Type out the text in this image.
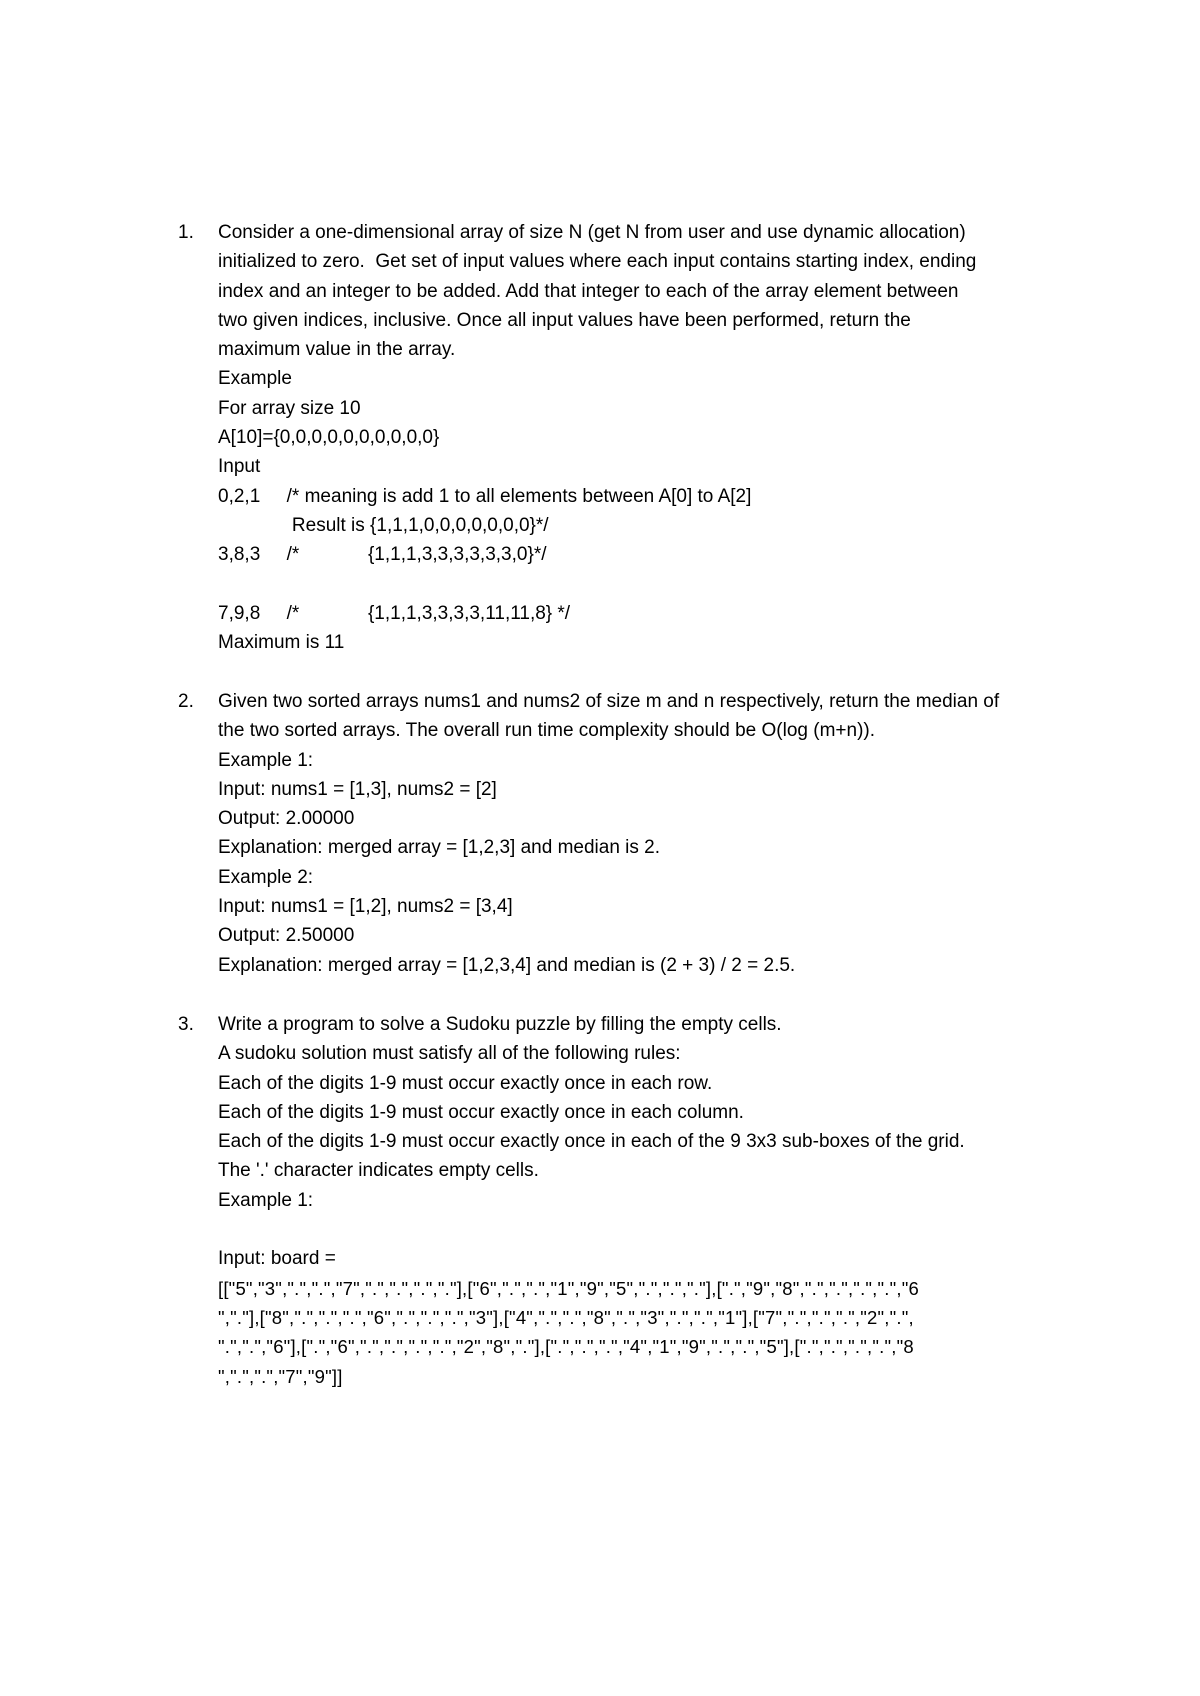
1.	Consider a one-dimensional array of size N (get N from user and use dynamic allocation)
initialized to zero.  Get set of input values where each input contains starting index, ending
index and an integer to be added. Add that integer to each of the array element between
two given indices, inclusive. Once all input values have been performed, return the
maximum value in the array.
Example
For array size 10
A[10]={0,0,0,0,0,0,0,0,0,0}
Input
0,2,1     /* meaning is add 1 to all elements between A[0] to A[2]
Result is {1,1,1,0,0,0,0,0,0,0}*/
3,8,3     /*             {1,1,1,3,3,3,3,3,3,0}*/
7,9,8     /*             {1,1,1,3,3,3,3,11,11,8} */
Maximum is 11
2.	Given two sorted arrays nums1 and nums2 of size m and n respectively, return the median of
the two sorted arrays. The overall run time complexity should be O(log (m+n)).
Example 1:
Input: nums1 = [1,3], nums2 = [2]
Output: 2.00000
Explanation: merged array = [1,2,3] and median is 2.
Example 2:
Input: nums1 = [1,2], nums2 = [3,4]
Output: 2.50000
Explanation: merged array = [1,2,3,4] and median is (2 + 3) / 2 = 2.5.
3.	Write a program to solve a Sudoku puzzle by filling the empty cells.
A sudoku solution must satisfy all of the following rules:
Each of the digits 1-9 must occur exactly once in each row.
Each of the digits 1-9 must occur exactly once in each column.
Each of the digits 1-9 must occur exactly once in each of the 9 3x3 sub-boxes of the grid.
The '.' character indicates empty cells.
Example 1:
Input: board =
[["5","3",".",".","7",".",".",".","."],["6",".",".","1","9","5",".",".","."],[".","9","8",".",".",".",".","6
","."],["8",".",".",".","6",".",".",".","3"],["4",".",".","8",".","3",".",".","1"],["7",".",".",".","2",".",
".",".","6"],[".","6",".",".",".",".","2","8","."],[".",".",".","4","1","9",".",".","5"],[".",".",".",".","8
",".",".","7","9"]]
